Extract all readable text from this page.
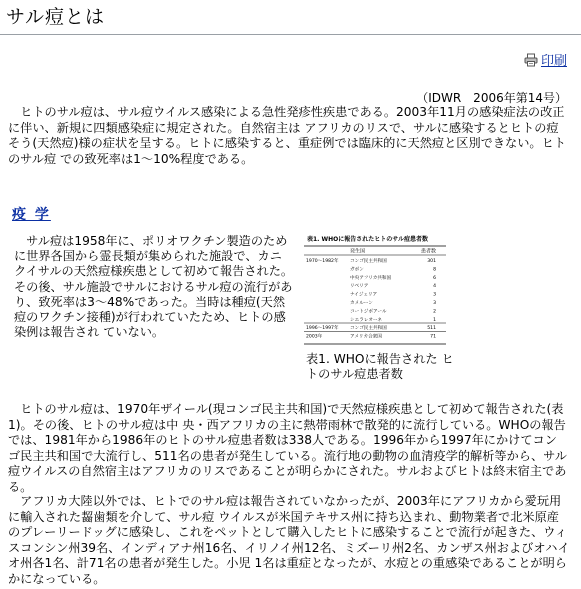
サル痘とは
印刷
（IDWR　2006年第14号）

　ヒトのサル痘は、サル痘ウイルス感染による急性発疹性疾患である。2003年11月の感染症法の改正に伴い、新規に四類感染症に規定された。自然宿主は アフリカのリスで、サルに感染するとヒトの痘そう(天然痘)様の症状を呈する。ヒトに感染すると、重症例では臨床的に天然痘と区別できない。ヒトのサル痘 での致死率は1～10%程度である。

疫 学

　サル痘は1958年に、ポリオワクチン製造のために世界各国から霊長類が集められた施設で、カニクイサルの天然痘様疾患として初めて報告された。その後、サル施設でサルにおけるサル痘の流行があり、致死率は3～48%であった。当時は種痘(天然痘のワクチン接種)が行われていたため、ヒトの感染例は報告され ていない。

表1. WHOに報告されたヒトのサル痘患者数
発生国	患者数
1970～1982年 コンゴ民主共和国	301
ガボン	8
中央アフリカ共和国	6
リベリア	4
ナイジェリア	3
カメルーン	3
コートジボアール	2
シエラレオーネ	1
1996～1997年 コンゴ民主共和国	511
2003年	アメリカ合衆国	71
表1. WHOに報告された ヒトのサル痘患者数

　ヒトのサル痘は、1970年ザイール(現コンゴ民主共和国)で天然痘様疾患として初めて報告された(表1)。その後、ヒトのサル痘は中 央・西アフリカの主に熱帯雨林で散発的に流行している。WHOの報告では、1981年から1986年のヒトのサル痘患者数は338人である。1996年から1997年にかけてコンゴ民主共和国で大流行し、511名の患者が発生している。流行地の動物の血清疫学的解析等から、サル痘ウイルスの自然宿主はアフリカのリスであることが明らかにされた。サルおよびヒトは終末宿主である。

　アフリカ大陸以外では、ヒトでのサル痘は報告されていなかったが、2003年にアフリカから愛玩用に輸入された齧歯類を介して、サル痘 ウイルスが米国テキサス州に持ち込まれ、動物業者で北米原産のプレーリードッグに感染し、これをペットとして購入したヒトに感染することで流行が起きた、ウィスコンシン州39名、インディアナ州16名、イリノイ州12名、ミズーリ州2名、カンザス州およびオハイオ州各1名、計71名の患者が発生した。小児 1名は重症となったが、水痘との重感染であることが明らかになっている。
